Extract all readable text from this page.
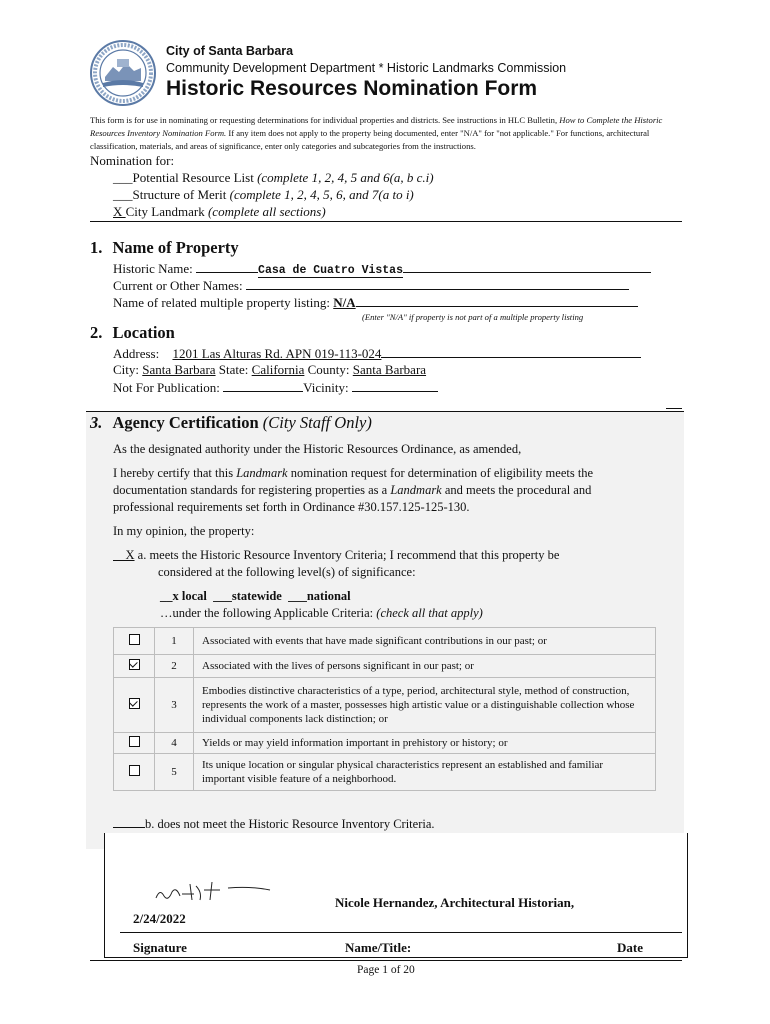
City of Santa Barbara
Community Development Department * Historic Landmarks Commission
Historic Resources Nomination Form
This form is for use in nominating or requesting determinations for individual properties and districts. See instructions in HLC Bulletin, How to Complete the Historic Resources Inventory Nomination Form. If any item does not apply to the property being documented, enter "N/A" for "not applicable." For functions, architectural classification, materials, and areas of significance, enter only categories and subcategories from the instructions.
Nomination for:
___Potential Resource List (complete 1, 2, 4, 5 and 6(a, b c.i)
___Structure of Merit (complete 1, 2, 4, 5, 6, and 7(a to i)
X City Landmark (complete all sections)
1. Name of Property
Historic Name:	Casa de Cuatro Vistas
Current or Other Names:
Name of related multiple property listing: N/A
(Enter "N/A" if property is not part of a multiple property listing
2. Location
Address: 1201 Las Alturas Rd. APN 019-113-024
City: Santa Barbara State: California County: Santa Barbara
Not For Publication:	Vicinity:
3. Agency Certification (City Staff Only)
As the designated authority under the Historic Resources Ordinance, as amended,
I hereby certify that this Landmark nomination request for determination of eligibility meets the
documentation standards for registering properties as a Landmark and meets the procedural and
professional requirements set forth in Ordinance #30.157.125-125-130.
In my opinion, the property:
X a. meets the Historic Resource Inventory Criteria; I recommend that this property be
considered at the following level(s) of significance:
__x local  ___statewide  ___national
…under the following Applicable Criteria: (check all that apply)
	1	Associated with events that have made significant contributions in our past; or
	2	Associated with the lives of persons significant in our past; or
	3	Embodies distinctive characteristics of a type, period, architectural style, method of construction, represents the work of a master, possesses high artistic value or a distinguishable collection whose individual components lack distinction; or
	4	Yields or may yield information important in prehistory or history; or
	5	Its unique location or singular physical characteristics represent an established and familiar important visible feature of a neighborhood.
b. does not meet the Historic Resource Inventory Criteria.
Nicole Hernandez, Architectural Historian,
2/24/2022
Signature	Name/Title:	Date
Page 1 of 20
